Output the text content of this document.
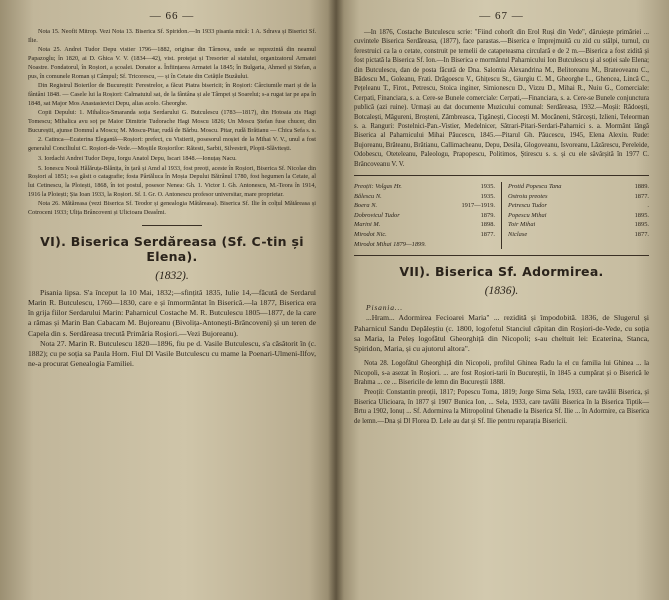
— 66 —

Nota 15. Neofit Mitrop. Vezi Nota 13. Biserica Sf. Spiridon.—In 1933 pisania mică: 1 A. Sdrava și Biserici Sf. Ilie.

Nota 25. Andrei Tudor Depu vistier 1796—1882, originar din Târnova, unde se reprezintă din neamul Papazoglu; în 1820, ai D. Ghica V. V. (1834—42), vist. protejat și Tresorier al statului, organizatorul Armatei Noastre. Fondatorul, în Roșiori, a școalei. Donator a. Înființarea Armatei la 1845; în Bulgaria, Ahmed și Stefan, a pus, în comunele Roman și Câmpul; Sf. Tricorescu, — și în Cetate din Cetățile Buzăului.

Din Registrul Boierilor de Bucureștii: Ferestrelor, a făcut Piatra bisericii; în Roșiori: Cârciumile mari și de la fântâni 1848. — Casele lui la Roșiori: Calmatuiul sat, de la fântâna și ale Tâmpei și Soarelui; s-a rugat iar pe apa în 1848, sat Major Mos Anastasievici Depu, alias acolo. Gheorghe.

Copii Depului: 1. Mihalica-Smaranda soția Serdarului G. Butculescu (1783—1817), din Hotoaia zis Hagi Tomescu; Mihalica avu soț pe Maior Dimitrie Tudorache Hagi Moscu 1826; Un Moscu Ștefan fuse chucer, din Bucureștii, ajunse Domnul a Moscu; M. Moscu-Pitar, rudă de Bărbu. Moscu. Pitar, rudă Brătianu — Chica Sefa s. s.

2. Catinca—Ecaterina Elegantă—Roșiori: prefect, cu Vistierii, posesorul moșiei de la Mihai V. V., unul a fost generalul Conciliului C. Roșiori-de-Vede.—Moșiile Roșiorilor: Rătesti, Sarbii, Silvestrii, Plopii-Slăvitești.

3. Iordachi Andrei Tudor Depu, Iorgu Anatol Depu, Iscari 1848.—Ionuțaș Nacu.

5. Ionescu Nouă Hălăruța-Blănița, în țară și Amd al 1933, fost preoți, aceste în Roșiori, Biserica Sf. Nicolae din Roșiori al 1851; s-a găsit o catagrafie; fosta Pârtăluca în Moșia Depului Bătrânul 1780, fost hegumen la Cetate, al lui Cetinescu, la Ploiești, 1868, în tot postul, posesor Nenea: Gh. 1. Victor I. Gh. Antonescu, M.-Teora în 1914, 1916 la Ploiești; Șia Ioan 1933, la Roșiori. Sf. I. Gr. O. Antonescu profesor universitar, mare proprietar.

Nota 26. Mătăreasa (vezi Biserica Sf. Teodor și genealogia Mătăreasa). Biserica Sf. Ilie în colțul Mătăreasa și Cotroceni 1933; Ulița Brâncoveni și Ulicioara Deasîmi.

VI). Biserica Serdăreasa (Sf. C-tin și Elena).
(1832).

Pisania lipsa. S'a început la 10 Mai, 1832;—sfințită 1835, Iulie 14,—făcută de Serdarul Marin R. Butculescu, 1760—1830, care e și înmormântat în Biserică.—la 1877, Biserica era în grija fiilor Serdarului Marin: Paharnicul Costache M. R. Butculescu 1805—1877, de la care a rămas și Marin Ban Cabacam M. Bujoreanu (Bivolița-Antonești-Brâncoveni) și un teren de Capela din s. Serdăreasa trecută Primăria Roșiori.—Vezi Bujoreanu).

Nota 27. Marin R. Butculescu 1820—1896, fiu pe d. Vasile Butculescu, s'a căsătorit în (c. 1882); cu pe soția sa Paula Horn. Fiul Dl Vasile Butculescu cu mame la Poenari-Ulmeni-Ilfov, ne-a procurat Genealogia Familiei.

— 67 —

—In 1876, Costache Butculescu scrie: "Fiind cohorît din Erol Ruși din Vede", dăruiește primăriei ... cuvintele Biserica Serdăreasa, (1877), face parastas.—Biserica e împrejmuită cu zid cu stâlpi, turnul, cu ferestruici ca la o cetate, construit pe temelii de catapeteasma circulară e de 2 m.—Biserica a fost zidită și fost pictată la Biserica Sf. Ion.—In Biserica e mormântul Paharnicului Ion Butculescu și al soției sale Elena; din Butculescu, dan de posta făcută de Dna. Salomia Alexandrina M., Belitoreanu M., Brateoveanu C., Bădescu M., Goleanu, Frati. Drăgoescu V., Ghițescu St., Giurgiu C. M., Gheorghe L., Ghencea, Lincă C., Pețeleanu T., Firot., Petrescu, Stoica inginer, Simionescu D., Vizzu D., Mihai R., Nuiu G., Comerciale: Cerpati, Financiara, s. a. Cere-se Bunele comerciale: Cerpati,—Financiara, s. a. Cere-se Bunele conjunctura publică (azi ruine). Urmași au dat documente Muzicului comunal: Serdăreasa, 1932.—Moșii: Rădoești, Botcalești, Măgureni, Broșteni, Zâmbreasca, Țigănești, Ciocești M. Mocăneni, Stârcești, Izlieni, Teleorman s. a. Ranguri: Postelnici-Pan.-Vistier, Medelnicer, Sătrari-Pitari-Serdari-Paharnici s. a. Mormânt lângă Biserica al Paharnicului Mihai Păucescu, 1845.—Pitarul Gh. Păucescu, 1945, Elena Alexiu. Rude: Bujoreanu, Brăteanu, Brătianu, Callimacheanu, Depu, Desila, Glogoveanu, Isvoreanu, Lăzărescu, Pereleide, Odobescu, Oteteleanu, Paleologu, Prapopescu, Politimos, Știrescu s. s. și cu ele săvârșită în 1977 C. Brâncoveanu V. V.

Preoții: Volgas Hr.	1935.
Bălescu N.	1935.
Boera N.	1917—1919.
Dobrovicul Tudor	1879.
Marini M.	1898.
Mirodot Nic.	1877.
Mirodot Mihai 1879—1899.
Protid Popescu Tana	1889.
Ostroiu preotes	1877.
Petrescu Tudor	.
Popescu Mihai	1895.
Toir Mihai	1895.
Niclase	1877.
VII). Biserica Sf. Adormirea.
(1836).

Pisania...

...Hram... Adormirea Fecioarei Maria" ... rezidită și împodobită. 1836, de Slugerul și Paharnicul Sandu Depăleștiu (c. 1800, logofetul Stanciul căpitan din Roșiori-de-Vede, cu soția sa Maria, la Peleș logofătul Gheorghiță din Nicopoli; s-au cheltuit lei: Ecaterina, Stanca, Spiridon, Maria, și cu ajutorul altora".

Nota 28. Logofătul Gheorghiță din Nicopoli, profilul Ghinea Radu la el cu familia lui Ghinea ... la Nicopoli, s-a asezat în Roșiori. ... are fost Roșiori-tarii în Bucureștii, în 1845 a cumpărat și o Biserică le Brahma ... ce ... Bisericile de lemn din Bucureștii 1888.

Preoții: Constantin preoții, 1817; Popescu Toma, 1819; Jorge Sima Sela, 1933, care tavălii Biserica, și Biserica Ulicioara, în 1877 și 1907 Bunica Ion, ... Sela, 1933, care tavălii Biserica în la Biserica Tiptik—Brtu a 1902, Ionuț ... Sf. Adormirea la Mitropolitul Ghenadie la Biserica Sf. Ilie ... în Adormire, ca Biserica de lemn.—Dna și Dl Florea D. Lele au dat și Sf. Ilie pentru reparația Bisericii.
